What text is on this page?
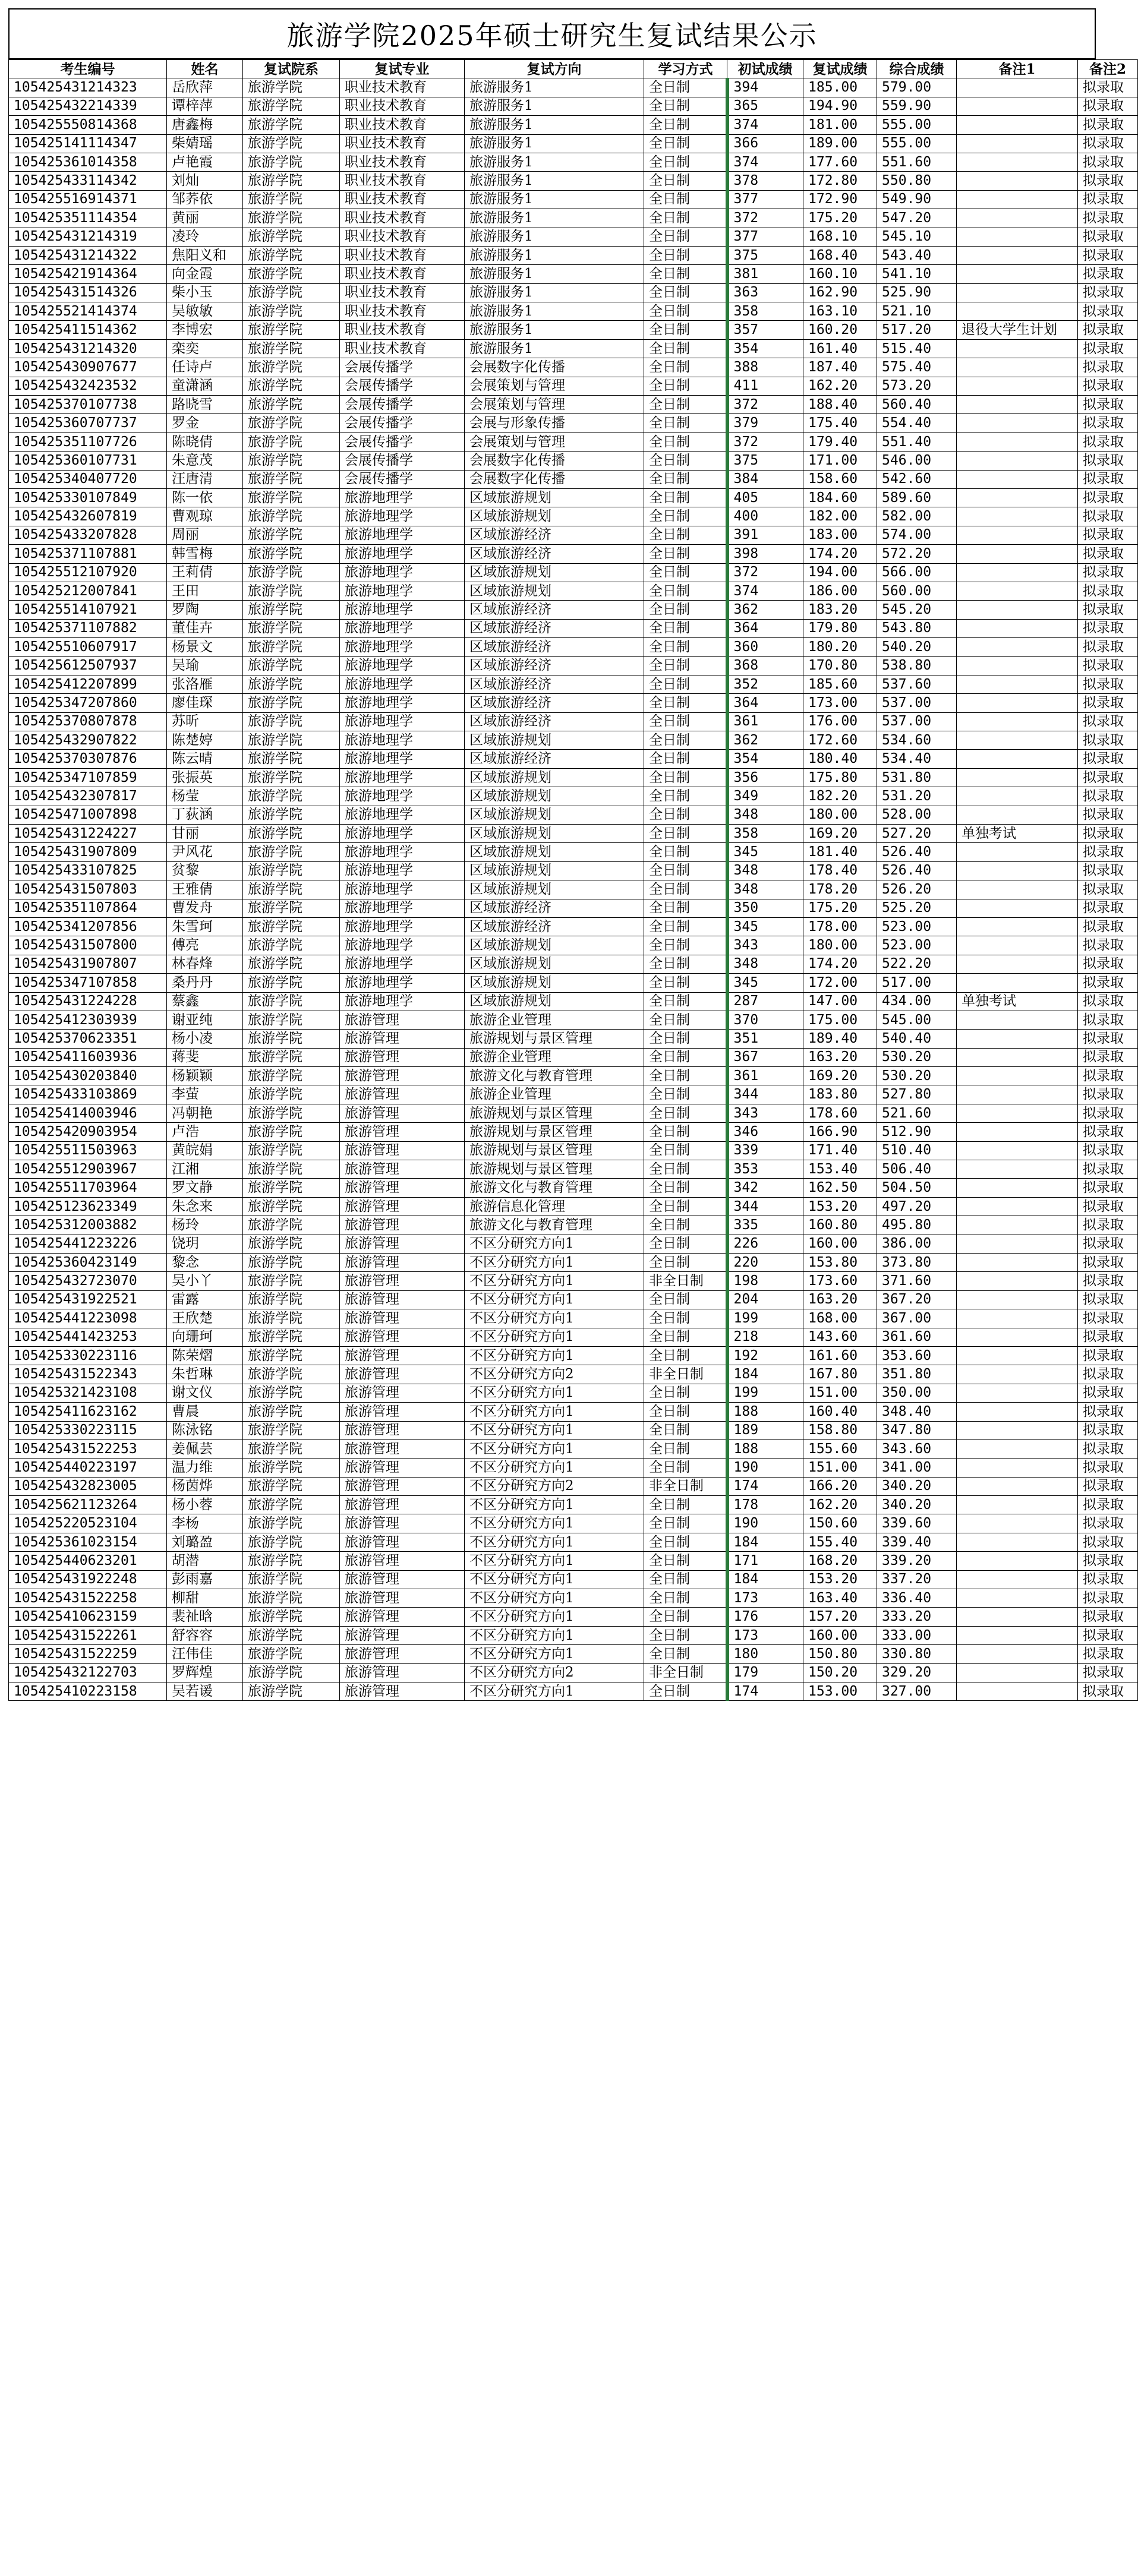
旅游学院2025年硕士研究生复试结果公示
考生编号	姓名	复试院系	复试专业	复试方向	学习方式	初试成绩	复试成绩	综合成绩	备注1	备注2
105425431214323	岳欣萍	旅游学院	职业技术教育	旅游服务1	全日制	394	185.00	579.00		拟录取
105425432214339	谭梓萍	旅游学院	职业技术教育	旅游服务1	全日制	365	194.90	559.90		拟录取
105425550814368	唐鑫梅	旅游学院	职业技术教育	旅游服务1	全日制	374	181.00	555.00		拟录取
105425141114347	柴婧瑶	旅游学院	职业技术教育	旅游服务1	全日制	366	189.00	555.00		拟录取
105425361014358	卢艳霞	旅游学院	职业技术教育	旅游服务1	全日制	374	177.60	551.60		拟录取
105425433114342	刘灿	旅游学院	职业技术教育	旅游服务1	全日制	378	172.80	550.80		拟录取
105425516914371	邹荞依	旅游学院	职业技术教育	旅游服务1	全日制	377	172.90	549.90		拟录取
105425351114354	黄丽	旅游学院	职业技术教育	旅游服务1	全日制	372	175.20	547.20		拟录取
105425431214319	凌玲	旅游学院	职业技术教育	旅游服务1	全日制	377	168.10	545.10		拟录取
105425431214322	焦阳义和	旅游学院	职业技术教育	旅游服务1	全日制	375	168.40	543.40		拟录取
105425421914364	向金霞	旅游学院	职业技术教育	旅游服务1	全日制	381	160.10	541.10		拟录取
105425431514326	柴小玉	旅游学院	职业技术教育	旅游服务1	全日制	363	162.90	525.90		拟录取
105425521414374	吴敏敏	旅游学院	职业技术教育	旅游服务1	全日制	358	163.10	521.10		拟录取
105425411514362	李博宏	旅游学院	职业技术教育	旅游服务1	全日制	357	160.20	517.20	退役大学生计划	拟录取
105425431214320	栾奕	旅游学院	职业技术教育	旅游服务1	全日制	354	161.40	515.40		拟录取
105425430907677	任诗卢	旅游学院	会展传播学	会展数字化传播	全日制	388	187.40	575.40		拟录取
105425432423532	童潇涵	旅游学院	会展传播学	会展策划与管理	全日制	411	162.20	573.20		拟录取
105425370107738	路晓雪	旅游学院	会展传播学	会展策划与管理	全日制	372	188.40	560.40		拟录取
105425360707737	罗金	旅游学院	会展传播学	会展与形象传播	全日制	379	175.40	554.40		拟录取
105425351107726	陈晓倩	旅游学院	会展传播学	会展策划与管理	全日制	372	179.40	551.40		拟录取
105425360107731	朱意茂	旅游学院	会展传播学	会展数字化传播	全日制	375	171.00	546.00		拟录取
105425340407720	汪唐清	旅游学院	会展传播学	会展数字化传播	全日制	384	158.60	542.60		拟录取
105425330107849	陈一依	旅游学院	旅游地理学	区域旅游规划	全日制	405	184.60	589.60		拟录取
105425432607819	曹观琼	旅游学院	旅游地理学	区域旅游规划	全日制	400	182.00	582.00		拟录取
105425433207828	周丽	旅游学院	旅游地理学	区域旅游经济	全日制	391	183.00	574.00		拟录取
105425371107881	韩雪梅	旅游学院	旅游地理学	区域旅游经济	全日制	398	174.20	572.20		拟录取
105425512107920	王莉倩	旅游学院	旅游地理学	区域旅游规划	全日制	372	194.00	566.00		拟录取
105425212007841	王田	旅游学院	旅游地理学	区域旅游规划	全日制	374	186.00	560.00		拟录取
105425514107921	罗陶	旅游学院	旅游地理学	区域旅游经济	全日制	362	183.20	545.20		拟录取
105425371107882	董佳卉	旅游学院	旅游地理学	区域旅游经济	全日制	364	179.80	543.80		拟录取
105425510607917	杨景文	旅游学院	旅游地理学	区域旅游经济	全日制	360	180.20	540.20		拟录取
105425612507937	吴瑜	旅游学院	旅游地理学	区域旅游经济	全日制	368	170.80	538.80		拟录取
105425412207899	张洛雁	旅游学院	旅游地理学	区域旅游经济	全日制	352	185.60	537.60		拟录取
105425347207860	廖佳琛	旅游学院	旅游地理学	区域旅游经济	全日制	364	173.00	537.00		拟录取
105425370807878	苏昕	旅游学院	旅游地理学	区域旅游经济	全日制	361	176.00	537.00		拟录取
105425432907822	陈楚婷	旅游学院	旅游地理学	区域旅游规划	全日制	362	172.60	534.60		拟录取
105425370307876	陈云晴	旅游学院	旅游地理学	区域旅游经济	全日制	354	180.40	534.40		拟录取
105425347107859	张振英	旅游学院	旅游地理学	区域旅游规划	全日制	356	175.80	531.80		拟录取
105425432307817	杨莹	旅游学院	旅游地理学	区域旅游规划	全日制	349	182.20	531.20		拟录取
105425471007898	丁荻涵	旅游学院	旅游地理学	区域旅游规划	全日制	348	180.00	528.00		拟录取
105425431224227	甘丽	旅游学院	旅游地理学	区域旅游规划	全日制	358	169.20	527.20	单独考试	拟录取
105425431907809	尹风花	旅游学院	旅游地理学	区域旅游规划	全日制	345	181.40	526.40		拟录取
105425433107825	贫黎	旅游学院	旅游地理学	区域旅游规划	全日制	348	178.40	526.40		拟录取
105425431507803	王雅倩	旅游学院	旅游地理学	区域旅游规划	全日制	348	178.20	526.20		拟录取
105425351107864	曹发舟	旅游学院	旅游地理学	区域旅游经济	全日制	350	175.20	525.20		拟录取
105425341207856	朱雪珂	旅游学院	旅游地理学	区域旅游经济	全日制	345	178.00	523.00		拟录取
105425431507800	傅亮	旅游学院	旅游地理学	区域旅游规划	全日制	343	180.00	523.00		拟录取
105425431907807	林春烽	旅游学院	旅游地理学	区域旅游规划	全日制	348	174.20	522.20		拟录取
105425347107858	桑丹丹	旅游学院	旅游地理学	区域旅游规划	全日制	345	172.00	517.00		拟录取
105425431224228	蔡鑫	旅游学院	旅游地理学	区域旅游规划	全日制	287	147.00	434.00	单独考试	拟录取
105425412303939	谢亚纯	旅游学院	旅游管理	旅游企业管理	全日制	370	175.00	545.00		拟录取
105425370623351	杨小凌	旅游学院	旅游管理	旅游规划与景区管理	全日制	351	189.40	540.40		拟录取
105425411603936	蒋斐	旅游学院	旅游管理	旅游企业管理	全日制	367	163.20	530.20		拟录取
105425430203840	杨颖颖	旅游学院	旅游管理	旅游文化与教育管理	全日制	361	169.20	530.20		拟录取
105425433103869	李萤	旅游学院	旅游管理	旅游企业管理	全日制	344	183.80	527.80		拟录取
105425414003946	冯朝艳	旅游学院	旅游管理	旅游规划与景区管理	全日制	343	178.60	521.60		拟录取
105425420903954	卢浩	旅游学院	旅游管理	旅游规划与景区管理	全日制	346	166.90	512.90		拟录取
105425511503963	黄皖娟	旅游学院	旅游管理	旅游规划与景区管理	全日制	339	171.40	510.40		拟录取
105425512903967	江湘	旅游学院	旅游管理	旅游规划与景区管理	全日制	353	153.40	506.40		拟录取
105425511703964	罗文静	旅游学院	旅游管理	旅游文化与教育管理	全日制	342	162.50	504.50		拟录取
105425123623349	朱念来	旅游学院	旅游管理	旅游信息化管理	全日制	344	153.20	497.20		拟录取
105425312003882	杨玲	旅游学院	旅游管理	旅游文化与教育管理	全日制	335	160.80	495.80		拟录取
105425441223226	饶玥	旅游学院	旅游管理	不区分研究方向1	全日制	226	160.00	386.00		拟录取
105425360423149	黎念	旅游学院	旅游管理	不区分研究方向1	全日制	220	153.80	373.80		拟录取
105425432723070	吴小丫	旅游学院	旅游管理	不区分研究方向1	非全日制	198	173.60	371.60		拟录取
105425431922521	雷露	旅游学院	旅游管理	不区分研究方向1	全日制	204	163.20	367.20		拟录取
105425441223098	王欣楚	旅游学院	旅游管理	不区分研究方向1	全日制	199	168.00	367.00		拟录取
105425441423253	向珊珂	旅游学院	旅游管理	不区分研究方向1	全日制	218	143.60	361.60		拟录取
105425330223116	陈荣熠	旅游学院	旅游管理	不区分研究方向1	全日制	192	161.60	353.60		拟录取
105425431522343	朱哲琳	旅游学院	旅游管理	不区分研究方向2	非全日制	184	167.80	351.80		拟录取
105425321423108	谢文仪	旅游学院	旅游管理	不区分研究方向1	全日制	199	151.00	350.00		拟录取
105425411623162	曹晨	旅游学院	旅游管理	不区分研究方向1	全日制	188	160.40	348.40		拟录取
105425330223115	陈泳铭	旅游学院	旅游管理	不区分研究方向1	全日制	189	158.80	347.80		拟录取
105425431522253	姜佩芸	旅游学院	旅游管理	不区分研究方向1	全日制	188	155.60	343.60		拟录取
105425440223197	温力维	旅游学院	旅游管理	不区分研究方向1	全日制	190	151.00	341.00		拟录取
105425432823005	杨茵烨	旅游学院	旅游管理	不区分研究方向2	非全日制	174	166.20	340.20		拟录取
105425621123264	杨小蓉	旅游学院	旅游管理	不区分研究方向1	全日制	178	162.20	340.20		拟录取
105425220523104	李杨	旅游学院	旅游管理	不区分研究方向1	全日制	190	150.60	339.60		拟录取
105425361023154	刘璐盈	旅游学院	旅游管理	不区分研究方向1	全日制	184	155.40	339.40		拟录取
105425440623201	胡潜	旅游学院	旅游管理	不区分研究方向1	全日制	171	168.20	339.20		拟录取
105425431922248	彭雨嘉	旅游学院	旅游管理	不区分研究方向1	全日制	184	153.20	337.20		拟录取
105425431522258	柳甜	旅游学院	旅游管理	不区分研究方向1	全日制	173	163.40	336.40		拟录取
105425410623159	裴祉晗	旅游学院	旅游管理	不区分研究方向1	全日制	176	157.20	333.20		拟录取
105425431522261	舒容容	旅游学院	旅游管理	不区分研究方向1	全日制	173	160.00	333.00		拟录取
105425431522259	汪伟佳	旅游学院	旅游管理	不区分研究方向1	全日制	180	150.80	330.80		拟录取
105425432122703	罗辉煌	旅游学院	旅游管理	不区分研究方向2	非全日制	179	150.20	329.20		拟录取
105425410223158	吴若谖	旅游学院	旅游管理	不区分研究方向1	全日制	174	153.00	327.00		拟录取
